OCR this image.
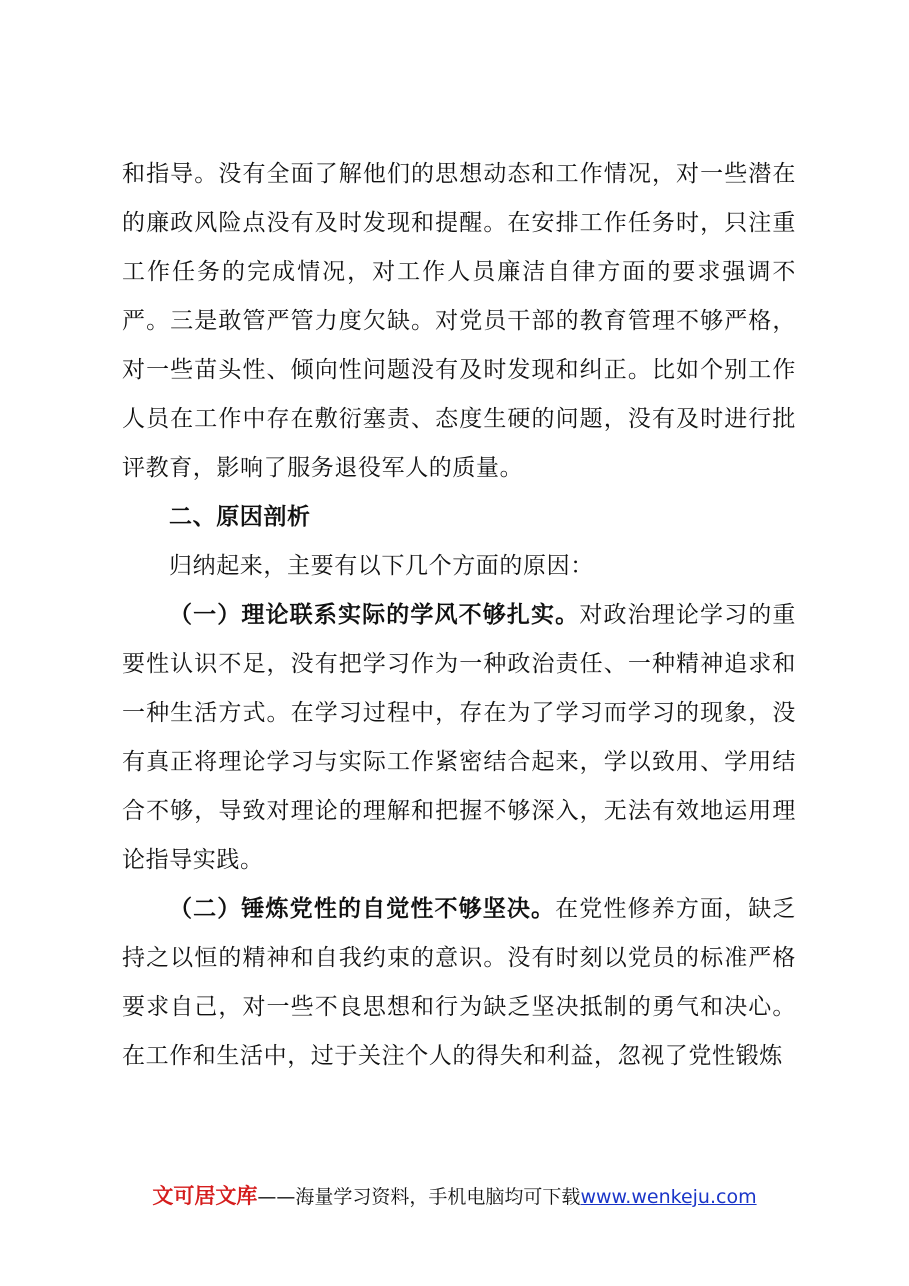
和指导。没有全面了解他们的思想动态和工作情况，对一些潜在的廉政风险点没有及时发现和提醒。在安排工作任务时，只注重工作任务的完成情况，对工作人员廉洁自律方面的要求强调不严。三是敢管严管力度欠缺。对党员干部的教育管理不够严格，对一些苗头性、倾向性问题没有及时发现和纠正。比如个别工作人员在工作中存在敷衍塞责、态度生硬的问题，没有及时进行批评教育，影响了服务退役军人的质量。

二、原因剖析

归纳起来，主要有以下几个方面的原因：

（一）理论联系实际的学风不够扎实。对政治理论学习的重要性认识不足，没有把学习作为一种政治责任、一种精神追求和一种生活方式。在学习过程中，存在为了学习而学习的现象，没有真正将理论学习与实际工作紧密结合起来，学以致用、学用结合不够，导致对理论的理解和把握不够深入，无法有效地运用理论指导实践。

（二）锤炼党性的自觉性不够坚决。在党性修养方面，缺乏持之以恒的精神和自我约束的意识。没有时刻以党员的标准严格要求自己，对一些不良思想和行为缺乏坚决抵制的勇气和决心。在工作和生活中，过于关注个人的得失和利益，忽视了党性锻炼

文可居文库——海量学习资料，手机电脑均可下载www.wenkeju.com
